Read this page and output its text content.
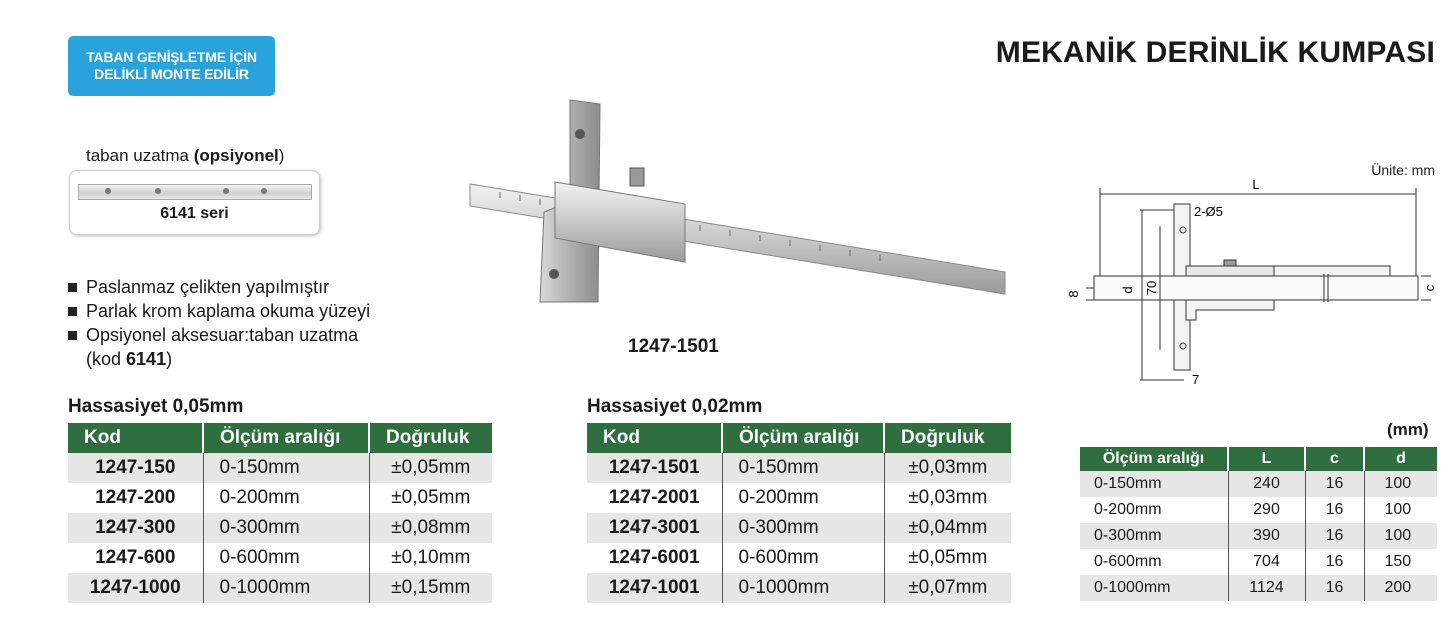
TABAN GENİŞLETME İÇİN
DELİKLİ MONTE EDİLİR
MEKANİK DERİNLİK KUMPASI
taban uzatma (opsiyonel)
6141 seri
Paslanmaz çelikten yapılmıştır
Parlak krom kaplama okuma yüzeyi
Opsiyonel aksesuar:taban uzatma
(kod 6141)
1247-1501
Ünite: mm
L
2-Ø5
8
d 70	c
7
Hassasiyet 0,05mm
Kod	Ölçüm aralığı	Doğruluk
1247-150	0-150mm	±0,05mm
1247-200	0-200mm	±0,05mm
1247-300	0-300mm	±0,08mm
1247-600	0-600mm	±0,10mm
1247-1000	0-1000mm	±0,15mm
Hassasiyet 0,02mm
Kod	Ölçüm aralığı	Doğruluk
1247-1501	0-150mm	±0,03mm
1247-2001	0-200mm	±0,03mm
1247-3001	0-300mm	±0,04mm
1247-6001	0-600mm	±0,05mm
1247-1001	0-1000mm	±0,07mm
(mm)
Ölçüm aralığı	L	c	d
0-150mm	240	16	100
0-200mm	290	16	100
0-300mm	390	16	100
0-600mm	704	16	150
0-1000mm	1124	16	200
